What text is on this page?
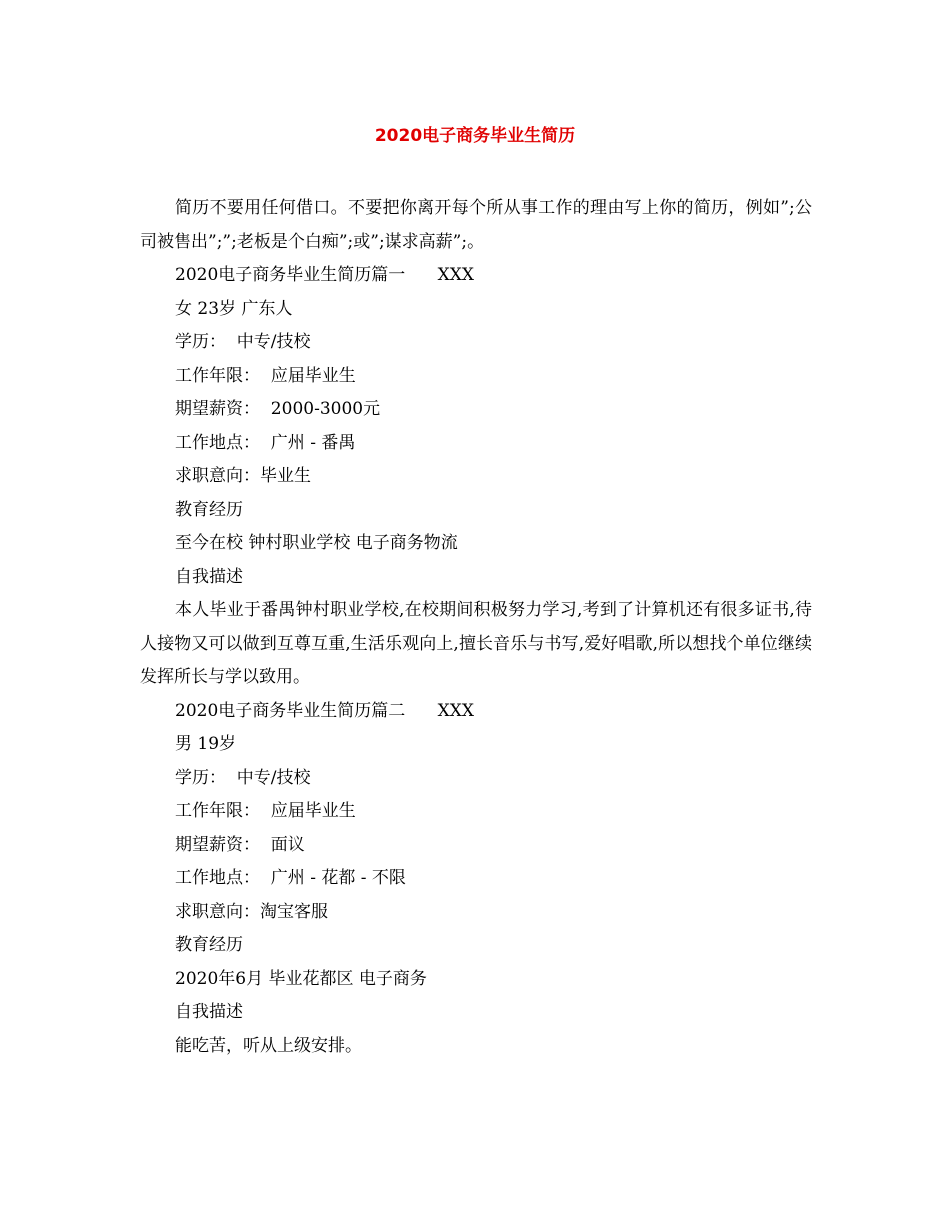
2020电子商务毕业生简历

简历不要用任何借口。不要把你离开每个所从事工作的理由写上你的简历，例如”;公司被售出”;”;老板是个白痴”;或”;谋求高薪”;。

2020电子商务毕业生简历篇一      XXX

女 23岁 广东人

学历：  中专/技校

工作年限：  应届毕业生

期望薪资：  2000-3000元

工作地点：  广州 - 番禺

求职意向：毕业生

教育经历

至今在校 钟村职业学校 电子商务物流

自我描述

本人毕业于番禺钟村职业学校,在校期间积极努力学习,考到了计算机还有很多证书,待人接物又可以做到互尊互重,生活乐观向上,擅长音乐与书写,爱好唱歌,所以想找个单位继续发挥所长与学以致用。

2020电子商务毕业生简历篇二      XXX

男 19岁

学历：  中专/技校

工作年限：  应届毕业生

期望薪资：  面议

工作地点：  广州 - 花都 - 不限

求职意向：淘宝客服

教育经历

2020年6月 毕业花都区 电子商务

自我描述

能吃苦，听从上级安排。
